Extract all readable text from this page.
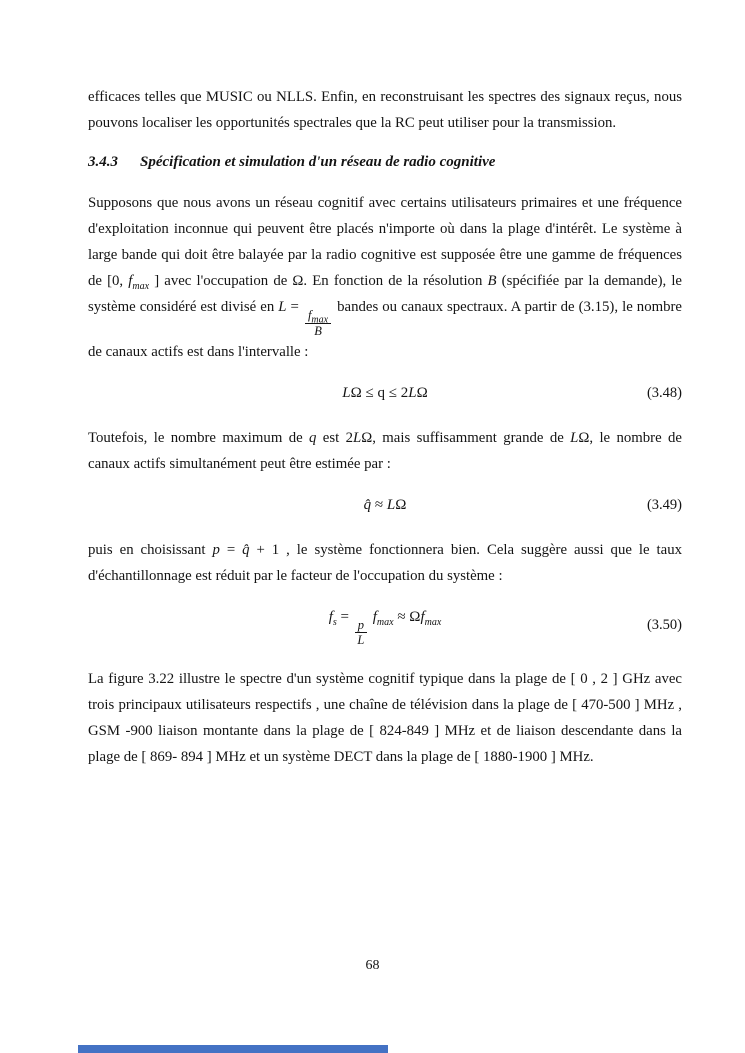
efficaces telles que MUSIC ou NLLS. Enfin, en reconstruisant les spectres des signaux reçus, nous pouvons localiser les opportunités spectrales que la RC peut utiliser pour la transmission.

3.4.3 Spécification et simulation d'un réseau de radio cognitive

Supposons que nous avons un réseau cognitif avec certains utilisateurs primaires et une fréquence d'exploitation inconnue qui peuvent être placés n'importe où dans la plage d'intérêt. Le système à large bande qui doit être balayée par la radio cognitive est supposée être une gamme de fréquences de [0, $f_{max}$ ] avec l'occupation de Ω. En fonction de la résolution B (spécifiée par la demande), le système considéré est divisé en L =
$\frac{f_{max}}{B}$
bandes ou canaux spectraux. A partir de (3.15), le nombre de canaux actifs est dans l'intervalle :

LΩ ≤ q ≤ 2LΩ	(3.48)

Toutefois, le nombre maximum de q est 2LΩ, mais suffisamment grande de LΩ, le nombre de canaux actifs simultanément peut être estimée par :

q̂ ≈ LΩ	(3.49)

puis en choisissant p = q̂ + 1 , le système fonctionnera bien. Cela suggère aussi que le taux d'échantillonnage est réduit par le facteur de l'occupation du système :

$f_s$ =
$\frac{p}{L}$
$f_{max} \approx \Omega f_{max}$	(3.50)

La figure 3.22 illustre le spectre d'un système cognitif typique dans la plage de [ 0 , 2 ] GHz avec trois principaux utilisateurs respectifs , une chaîne de télévision dans la plage de [ 470-500 ] MHz , GSM -900 liaison montante dans la plage de [ 824-849 ] MHz et de liaison descendante dans la plage de [ 869- 894 ] MHz et un système DECT dans la plage de [ 1880-1900 ] MHz.

68
